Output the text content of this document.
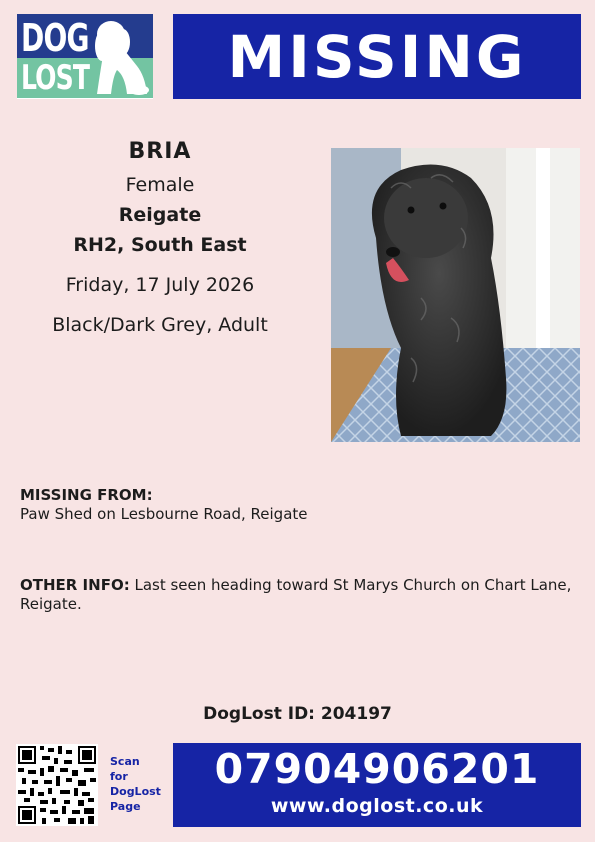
DOG
LOST	MISSING
BRIA
Female
Reigate
RH2, South East
Friday, 17 July 2026
Black/Dark Grey, Adult
MISSING FROM:
Paw Shed on Lesbourne Road, Reigate
OTHER INFO: Last seen heading toward St Marys Church on Chart Lane, Reigate.
DogLost ID: 204197
Scan
for
DogLost
Page
07904906201
www.doglost.co.uk
